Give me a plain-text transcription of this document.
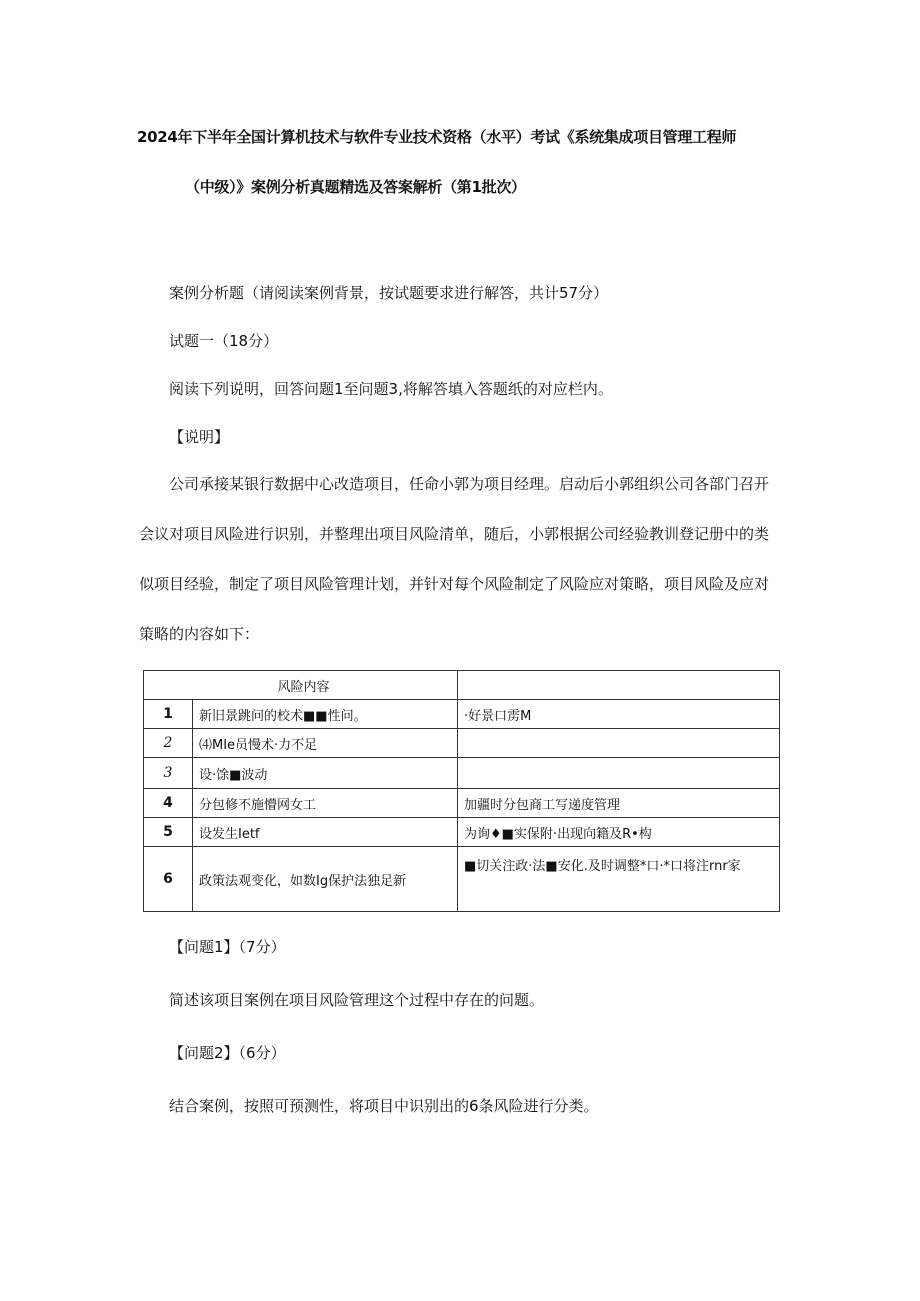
2024年下半年全国计算机技术与软件专业技术资格（水平）考试《系统集成项目管理工程师
（中级）》案例分析真题精选及答案解析（第1批次）
案例分析题（请阅读案例背景，按试题要求进行解答，共计57分）
试题一（18分）
阅读下列说明，回答问题1至问题3,将解答填入答题纸的对应栏内。
【说明】
公司承接某银行数据中心改造项目，任命小郭为项目经理。启动后小郭组织公司各部门召开
会议对项目风险进行识别，并整理出项目风险清单，随后，小郭根据公司经验教训登记册中的类
似项目经验，制定了项目风险管理计划，并针对每个风险制定了风险应对策略，项目风险及应对
策略的内容如下：
风险内容		
1	新旧景跳问的校术■■性问。	·好景口雳M
2	⑷MIe员慢术·力不足	
3	设·馀■波动	
4	分包修不施懵网女工	加疆时分包商工写递度管理
5	设发生Ietf	为询♦■实保附·出现向籍及R•构
6	政策法观变化，如数Ig保护法独足新	■切关注政·法■安化.及时调整*口·*口将注rnr家
【问题1】（7分）
简述该项目案例在项目风险管理这个过程中存在的问题。
【问题2】（6分）
结合案例，按照可预测性，将项目中识别出的6条风险进行分类。
